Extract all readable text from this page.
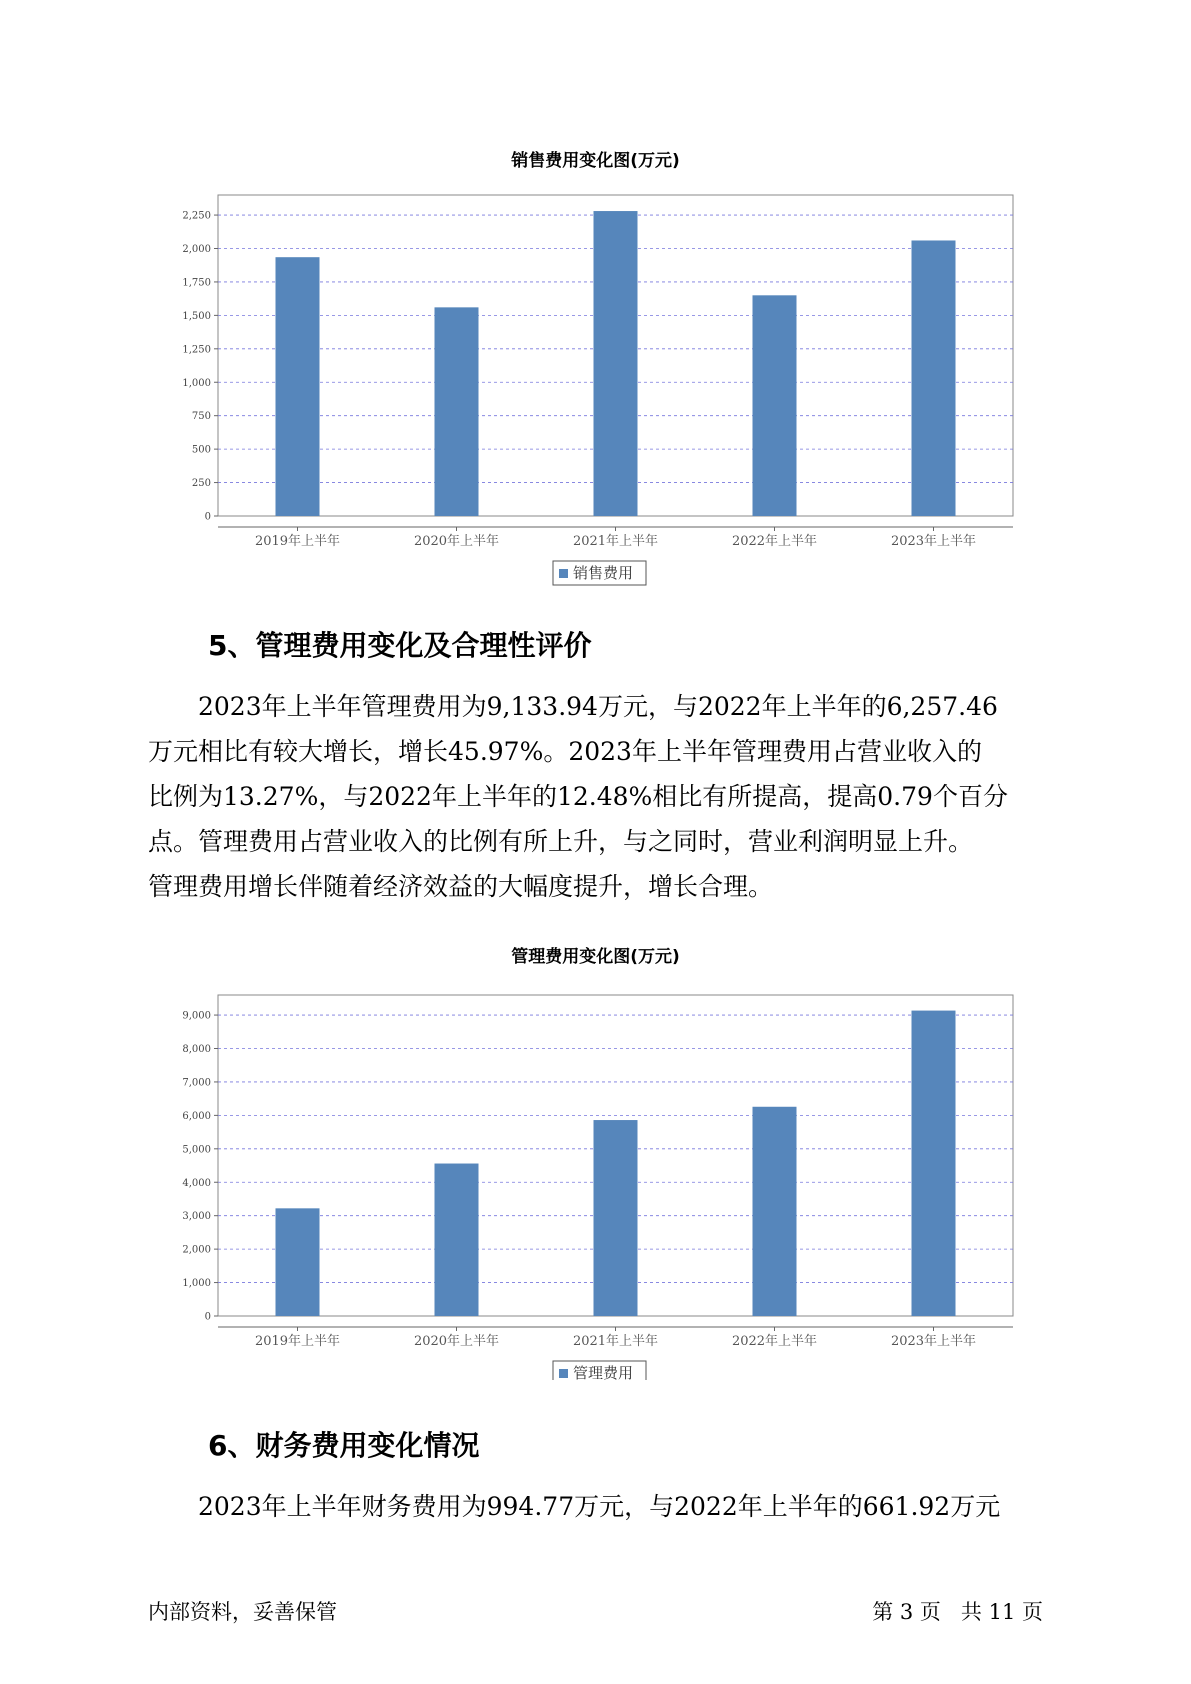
销售费用变化图(万元)
0
250
500
750
1,000
1,250
1,500
1,750
2,000
2,250
2019年上半年	2020年上半年	2021年上半年	2022年上半年	2023年上半年
销售费用
5、管理费用变化及合理性评价
2023年上半年管理费用为9,133.94万元，与2022年上半年的6,257.46
万元相比有较大增长，增长45.97%。2023年上半年管理费用占营业收入的
比例为13.27%，与2022年上半年的12.48%相比有所提高，提高0.79个百分
点。管理费用占营业收入的比例有所上升，与之同时，营业利润明显上升。
管理费用增长伴随着经济效益的大幅度提升，增长合理。
管理费用变化图(万元)
0
1,000
2,000
3,000
4,000
5,000
6,000
7,000
8,000
9,000
2019年上半年	2020年上半年	2021年上半年	2022年上半年	2023年上半年
管理费用
6、财务费用变化情况
2023年上半年财务费用为994.77万元，与2022年上半年的661.92万元
内部资料，妥善保管	第 3 页   共 11 页
